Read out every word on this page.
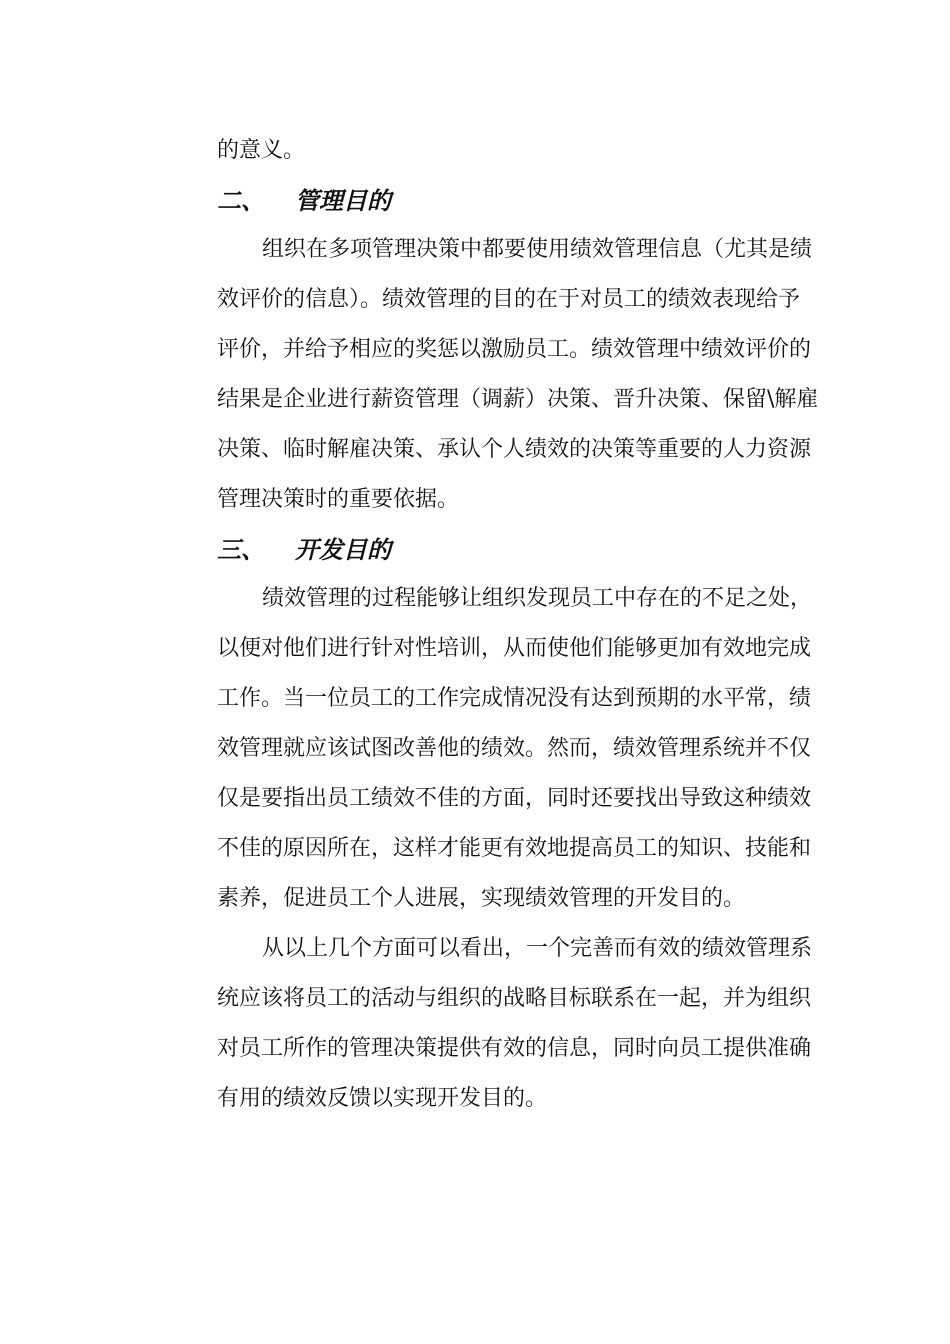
的意义。
二、 管理目的
组织在多项管理决策中都要使用绩效管理信息（尤其是绩
效评价的信息）。绩效管理的目的在于对员工的绩效表现给予
评价，并给予相应的奖惩以激励员工。绩效管理中绩效评价的
结果是企业进行薪资管理（调薪）决策、晋升决策、保留\解雇
决策、临时解雇决策、承认个人绩效的决策等重要的人力资源
管理决策时的重要依据。
三、 开发目的
绩效管理的过程能够让组织发现员工中存在的不足之处，
以便对他们进行针对性培训，从而使他们能够更加有效地完成
工作。当一位员工的工作完成情况没有达到预期的水平常，绩
效管理就应该试图改善他的绩效。然而，绩效管理系统并不仅
仅是要指出员工绩效不佳的方面，同时还要找出导致这种绩效
不佳的原因所在，这样才能更有效地提高员工的知识、技能和
素养，促进员工个人进展，实现绩效管理的开发目的。
从以上几个方面可以看出，一个完善而有效的绩效管理系
统应该将员工的活动与组织的战略目标联系在一起，并为组织
对员工所作的管理决策提供有效的信息，同时向员工提供准确
有用的绩效反馈以实现开发目的。
